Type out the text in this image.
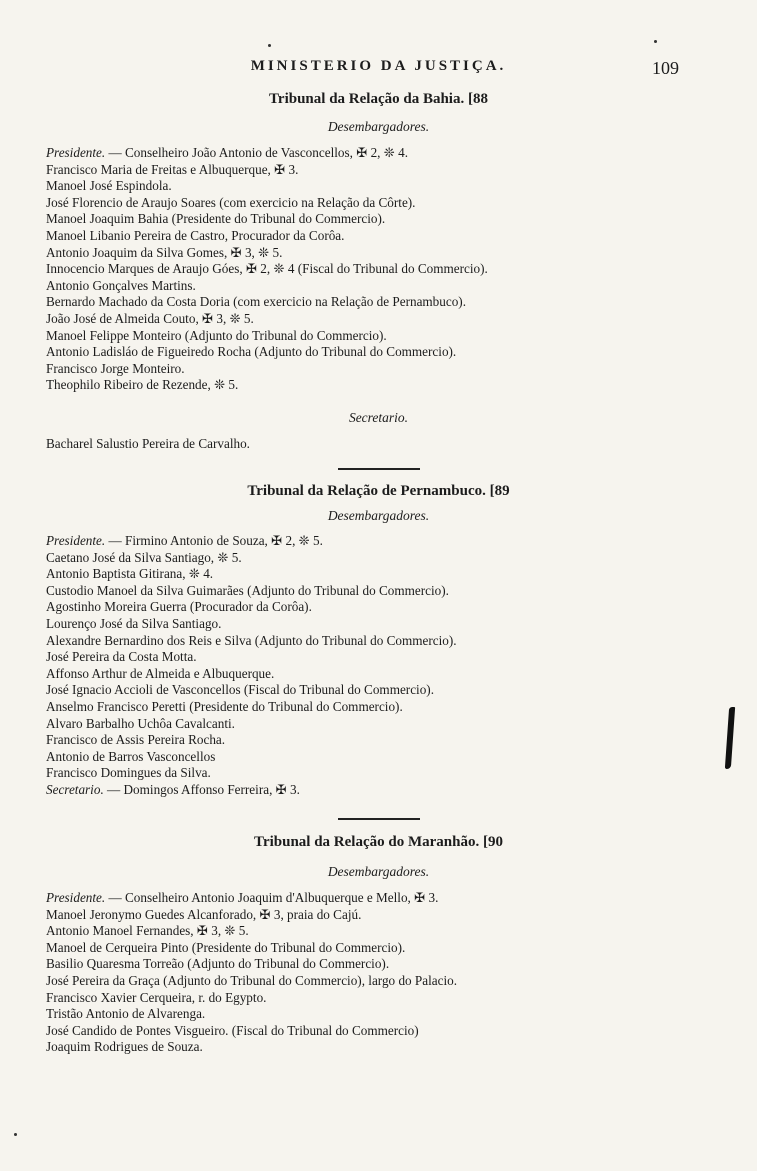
MINISTERIO DA JUSTIÇA.	109
Tribunal da Relação da Bahia. [88
Desembargadores.
Presidente. — Conselheiro João Antonio de Vasconcellos, ✠ 2, ❊ 4.
Francisco Maria de Freitas e Albuquerque, ✠ 3.
Manoel José Espindola.
José Florencio de Araujo Soares (com exercicio na Relação da Côrte).
Manoel Joaquim Bahia (Presidente do Tribunal do Commercio).
Manoel Libanio Pereira de Castro, Procurador da Corôa.
Antonio Joaquim da Silva Gomes, ✠ 3, ❊ 5.
Innocencio Marques de Araujo Góes, ✠ 2, ❊ 4 (Fiscal do Tribunal do Commercio).
Antonio Gonçalves Martins.
Bernardo Machado da Costa Doria (com exercicio na Relação de Pernambuco).
João José de Almeida Couto, ✠ 3, ❊ 5.
Manoel Felippe Monteiro (Adjunto do Tribunal do Commercio).
Antonio Ladisláo de Figueiredo Rocha (Adjunto do Tribunal do Commercio).
Francisco Jorge Monteiro.
Theophilo Ribeiro de Rezende, ❊ 5.
Secretario.
Bacharel Salustio Pereira de Carvalho.
Tribunal da Relação de Pernambuco. [89
Desembargadores.
Presidente. — Firmino Antonio de Souza, ✠ 2, ❊ 5.
Caetano José da Silva Santiago, ❊ 5.
Antonio Baptista Gitirana, ❊ 4.
Custodio Manoel da Silva Guimarães (Adjunto do Tribunal do Commercio).
Agostinho Moreira Guerra (Procurador da Corôa).
Lourenço José da Silva Santiago.
Alexandre Bernardino dos Reis e Silva (Adjunto do Tribunal do Commercio).
José Pereira da Costa Motta.
Affonso Arthur de Almeida e Albuquerque.
José Ignacio Accioli de Vasconcellos (Fiscal do Tribunal do Commercio).
Anselmo Francisco Peretti (Presidente do Tribunal do Commercio).
Alvaro Barbalho Uchôa Cavalcanti.
Francisco de Assis Pereira Rocha.
Antonio de Barros Vasconcellos
Francisco Domingues da Silva.
Secretario. — Domingos Affonso Ferreira, ✠ 3.
Tribunal da Relação do Maranhão. [90
Desembargadores.
Presidente. — Conselheiro Antonio Joaquim d'Albuquerque e Mello, ✠ 3.
Manoel Jeronymo Guedes Alcanforado, ✠ 3, praia do Cajú.
Antonio Manoel Fernandes, ✠ 3, ❊ 5.
Manoel de Cerqueira Pinto (Presidente do Tribunal do Commercio).
Basilio Quaresma Torreão (Adjunto do Tribunal do Commercio).
José Pereira da Graça (Adjunto do Tribunal do Commercio), largo do Palacio.
Francisco Xavier Cerqueira, r. do Egypto.
Tristão Antonio de Alvarenga.
José Candido de Pontes Visgueiro. (Fiscal do Tribunal do Commercio)
Joaquim Rodrigues de Souza.
